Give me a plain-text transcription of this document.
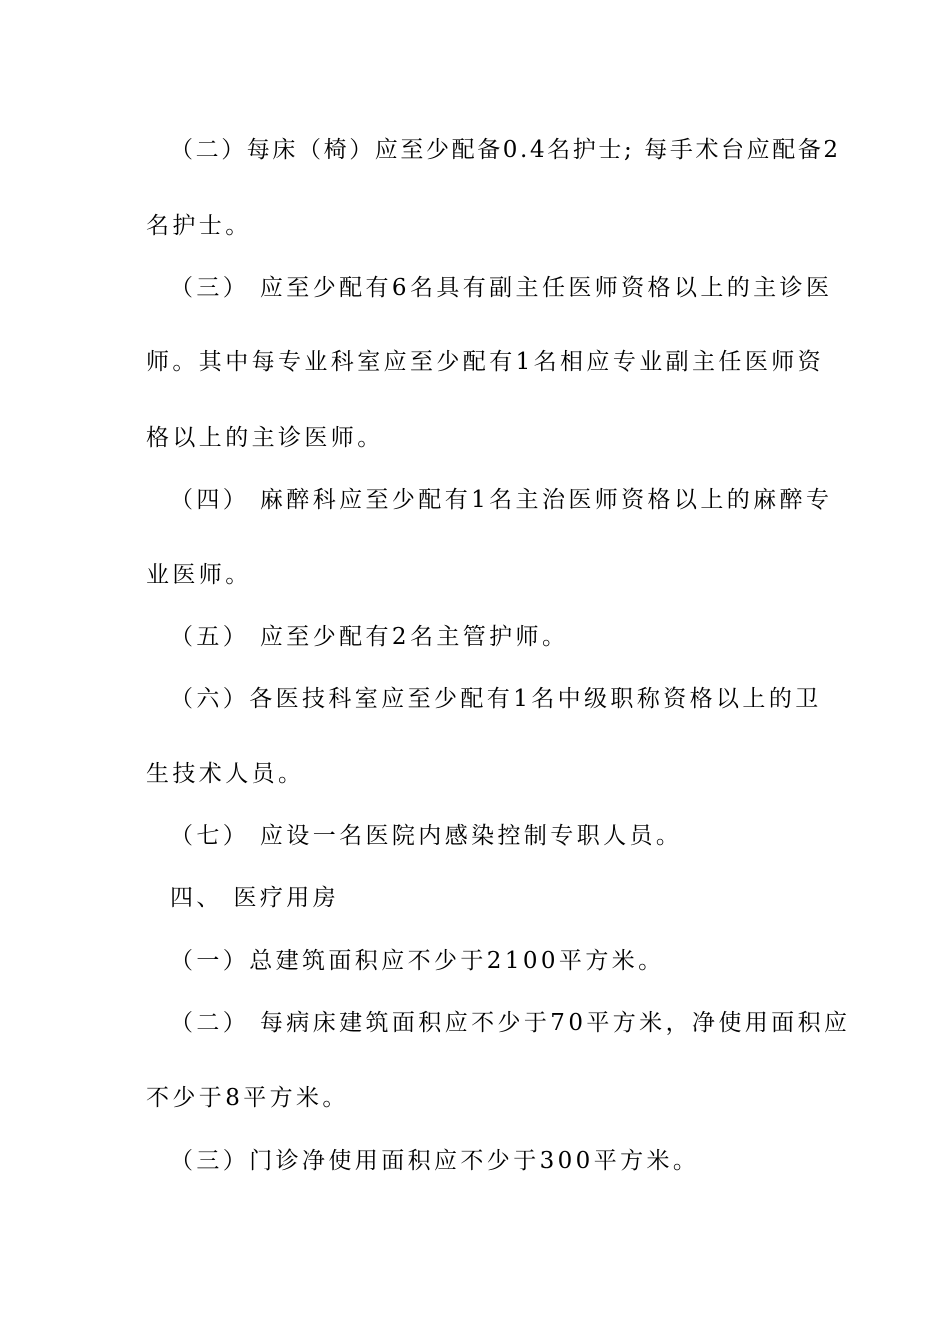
（二）每床（椅）应至少配备0.4名护士; 每手术台应配备2
名护士。
（三） 应至少配有6名具有副主任医师资格以上的主诊医
师。其中每专业科室应至少配有1名相应专业副主任医师资
格以上的主诊医师。
（四） 麻醉科应至少配有1名主治医师资格以上的麻醉专
业医师。
（五） 应至少配有2名主管护师。
（六）各医技科室应至少配有1名中级职称资格以上的卫
生技术人员。
（七） 应设一名医院内感染控制专职人员。
四、 医疗用房
（一）总建筑面积应不少于2100平方米。
（二） 每病床建筑面积应不少于70平方米，净使用面积应
不少于8平方米。
（三）门诊净使用面积应不少于300平方米。
